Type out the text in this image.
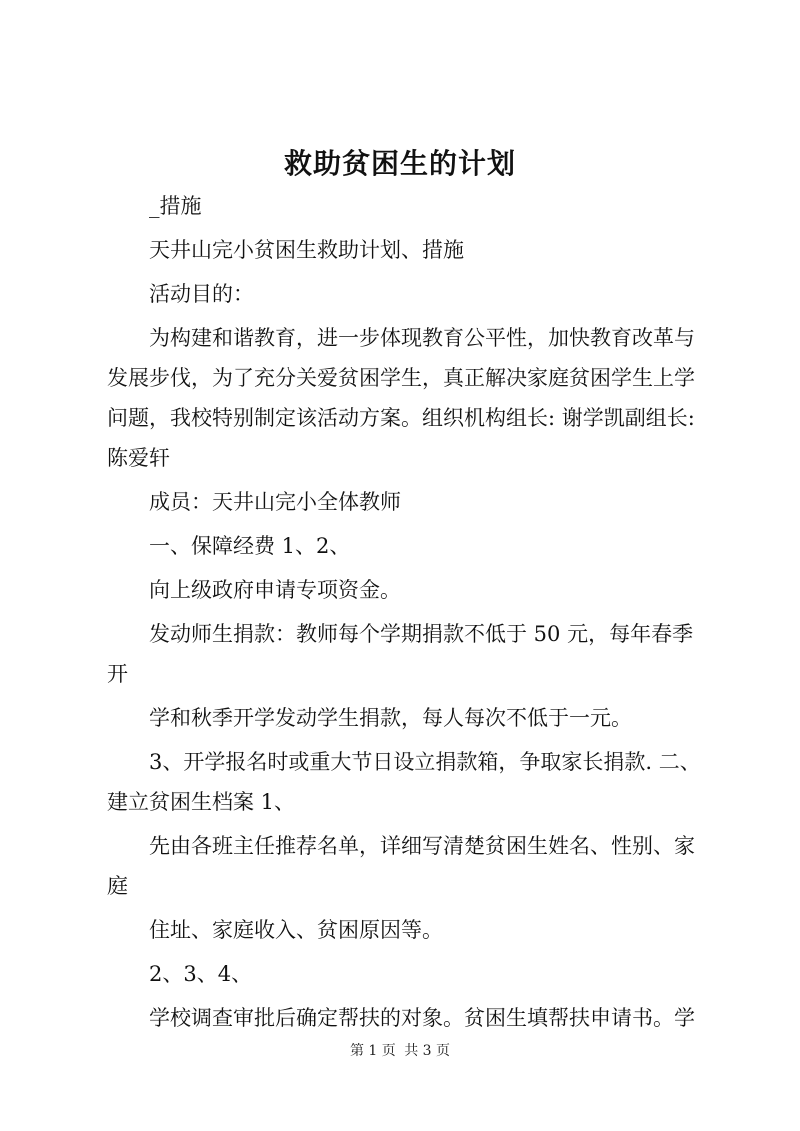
救助贫困生的计划

_措施

天井山完小贫困生救助计划、措施

活动目的：

为构建和谐教育，进一步体现教育公平性，加快教育改革与发展步伐，为了充分关爱贫困学生，真正解决家庭贫困学生上学问题，我校特别制定该活动方案。组织机构组长: 谢学凯副组长: 陈爱轩

成员：天井山完小全体教师

一、保障经费 1、2、

向上级政府申请专项资金。

发动师生捐款：教师每个学期捐款不低于 50 元，每年春季开

学和秋季开学发动学生捐款，每人每次不低于一元。

3、开学报名时或重大节日设立捐款箱，争取家长捐款. 二、建立贫困生档案 1、

先由各班主任推荐名单，详细写清楚贫困生姓名、性别、家庭

住址、家庭收入、贫困原因等。

2、3、4、

学校调查审批后确定帮扶的对象。贫困生填帮扶申请书。学

第 1 页 共 3 页
